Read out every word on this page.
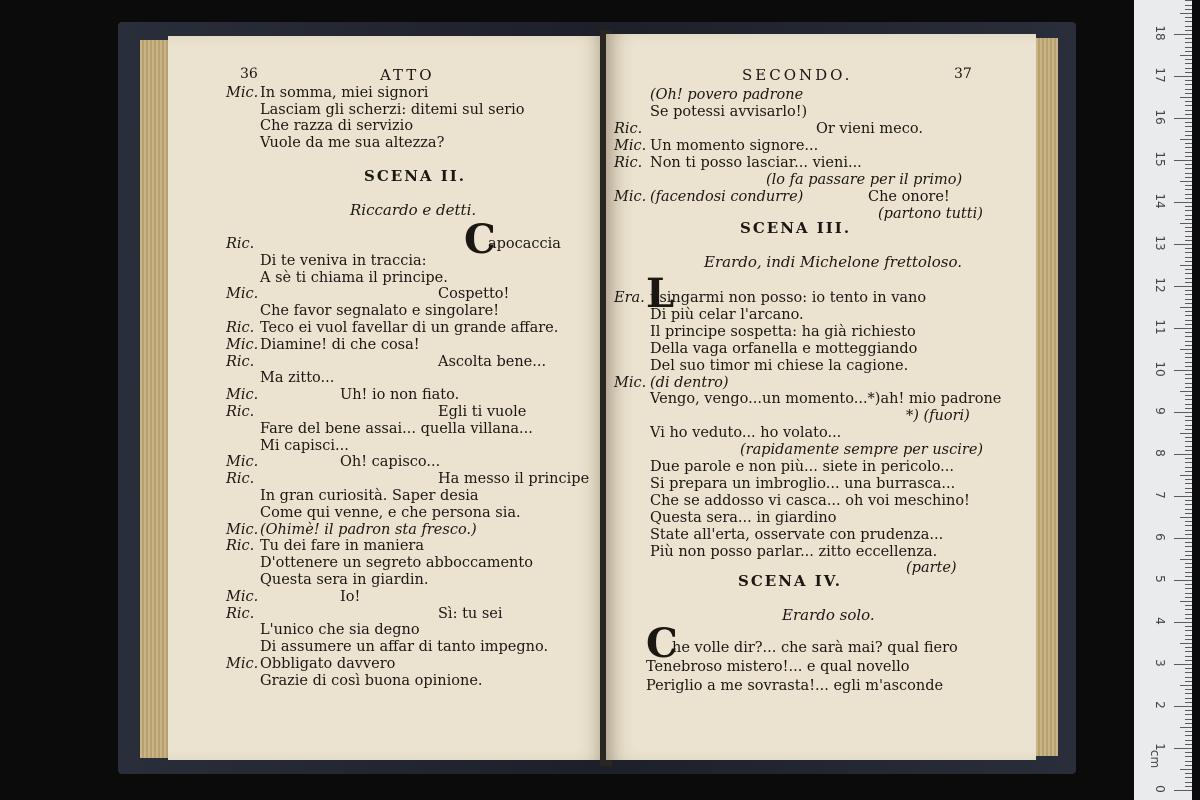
36	ATTO
Mic. In somma, miei signori
Lasciam gli scherzi: ditemi sul serio
Che razza di servizio
Vuole da me sua altezza?
SCENA II.
Riccardo e detti.
C
Ric.	apocaccia
Di te veniva in traccia:
A sè ti chiama il principe.
Mic.	Cospetto!
Che favor segnalato e singolare!
Ric. Teco ei vuol favellar di un grande affare.
Mic. Diamine! di che cosa!
Ric.	Ascolta bene...
Ma zitto...
Mic.	Uh! io non fiato.
Ric.	Egli ti vuole
Fare del bene assai... quella villana...
Mi capisci...
Mic.	Oh! capisco...
Ric.	Ha messo il principe
In gran curiosità. Saper desia
Come qui venne, e che persona sia.
Mic. (Ohimè! il padron sta fresco.)
Ric. Tu dei fare in maniera
D'ottenere un segreto abboccamento
Questa sera in giardin.
Mic.	Io!
Ric.	Sì: tu sei
L'unico che sia degno
Di assumere un affar di tanto impegno.
Mic. Obbligato davvero
Grazie di così buona opinione.
SECONDO.	37
(Oh! povero padrone
Se potessi avvisarlo!)
Ric.	Or vieni meco.
Mic. Un momento signore...
Ric. Non ti posso lasciar... vieni...
(lo fa passare per il primo)
Mic. (facendosi condurre)	Che onore!
(partono tutti)
SCENA III.
Erardo, indi Michelone frettoloso.
L
Era. usingarmi non posso: io tento in vano
Di più celar l'arcano.
Il principe sospetta: ha già richiesto
Della vaga orfanella e motteggiando
Del suo timor mi chiese la cagione.
Mic. (di dentro)
Vengo, vengo...un momento...*)ah! mio padrone
*) (fuori)
Vi ho veduto... ho volato...
(rapidamente sempre per uscire)
Due parole e non più... siete in pericolo...
Si prepara un imbroglio... una burrasca...
Che se addosso vi casca... oh voi meschino!
Questa sera... in giardino
State all'erta, osservate con prudenza...
Più non posso parlar... zitto eccellenza.
(parte)
SCENA IV.
Erardo solo.
C
he volle dir?... che sarà mai? qual fiero
Tenebroso mistero!... e qual novello
Periglio a me sovrasta!... egli m'asconde
cm
0
1
2
3
4
5
6
7
8
9
10
11
12
13
14
15
16
17
18
